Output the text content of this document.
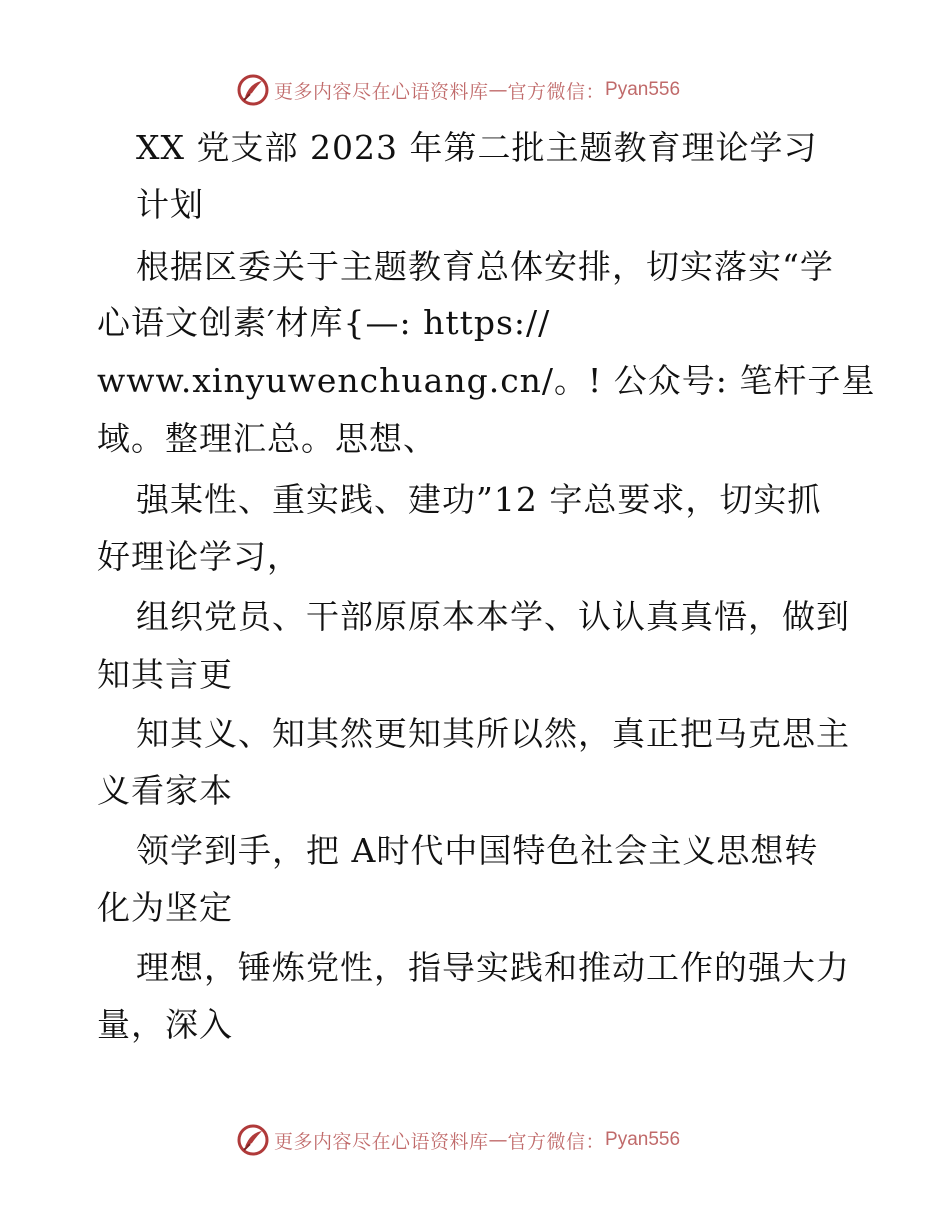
更多内容尽在心语资料库 — 官方微信： Pyan556
XX 党支部 2023 年第二批主题教育理论学习
计划
根据区委关于主题教育总体安排，切实落实“学
心语文创素′材库{—: https://
www.xinyuwenchuang.cn/。! 公众号: 笔杆子星
域。整理汇总。思想、
强某性、重实践、建功”12 字总要求，切实抓
好理论学习，
组织党员、干部原原本本学、认认真真悟，做到
知其言更
知其义、知其然更知其所以然，真正把马克思主
义看家本
领学到手，把 A时代中国特色社会主义思想转
化为坚定
理想，锤炼党性，指导实践和推动工作的强大力
量，深入
更多内容尽在心语资料库 — 官方微信： Pyan556
